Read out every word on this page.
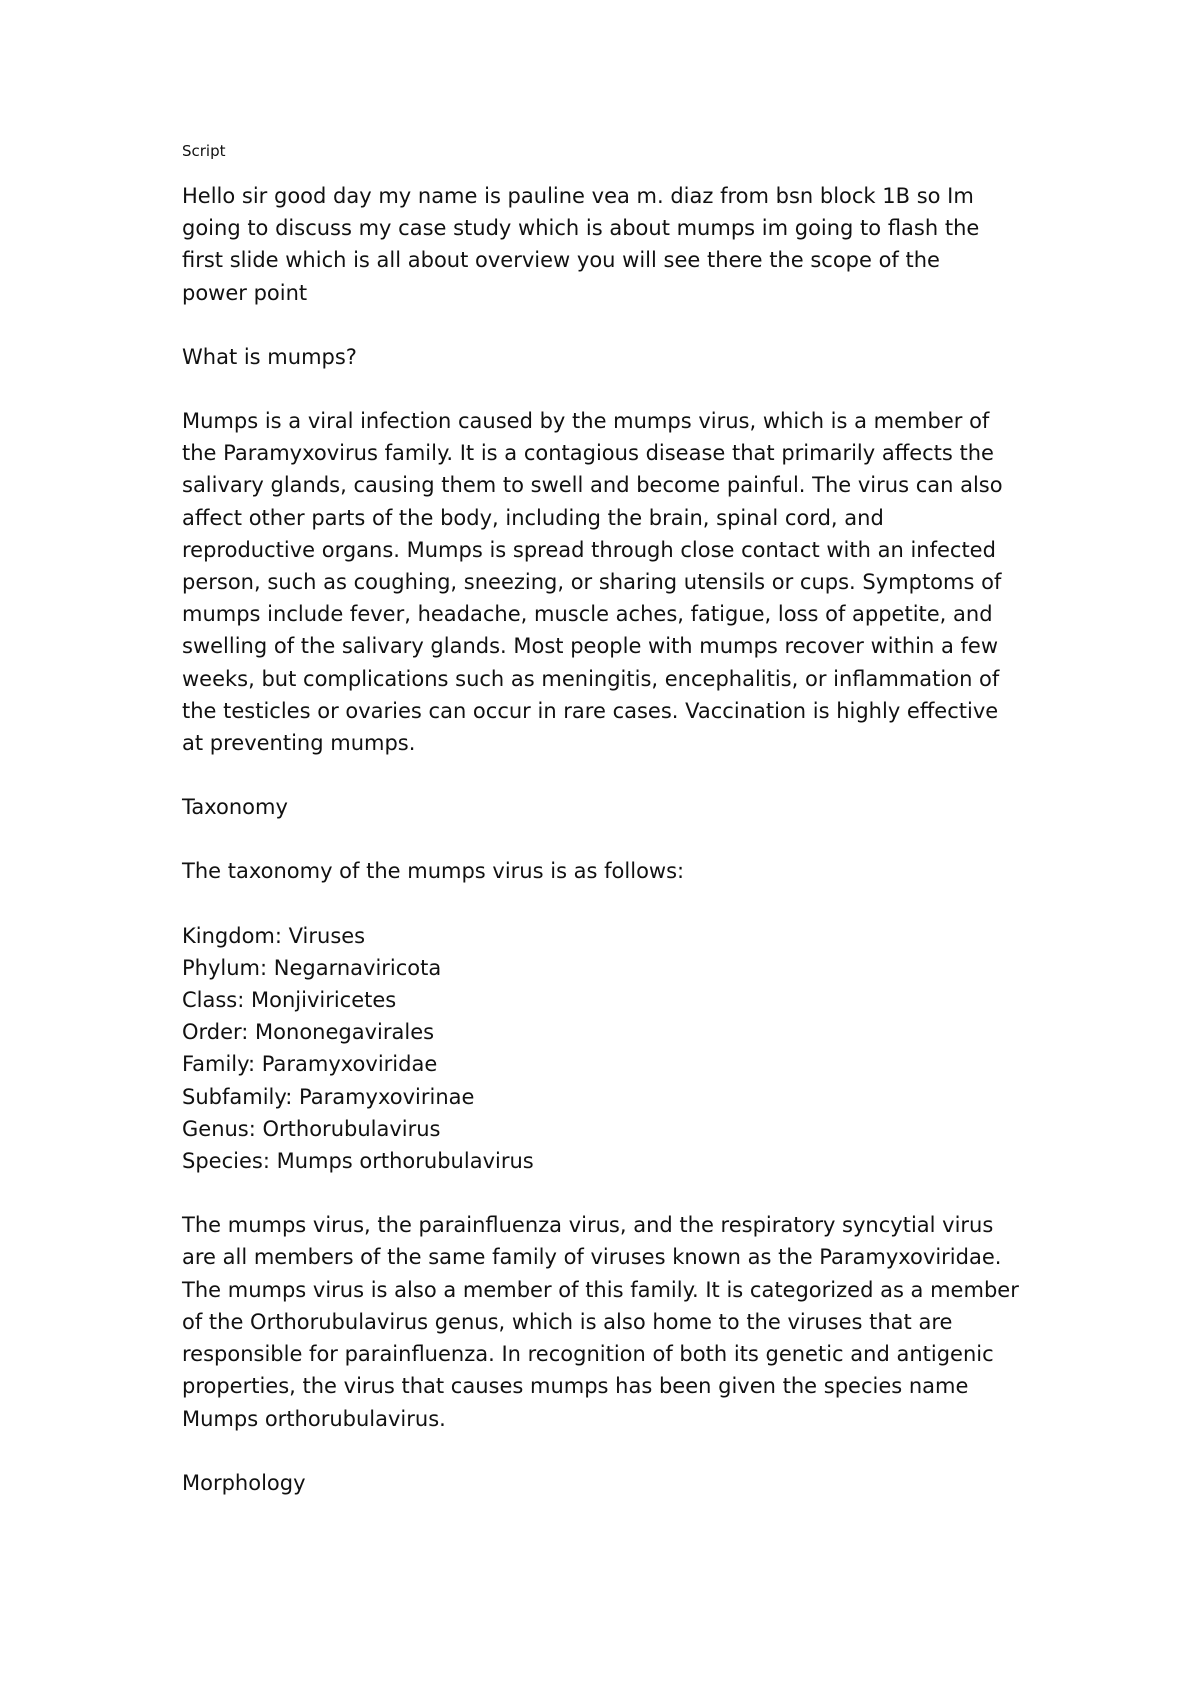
Script

Hello sir good day my name is pauline vea m. diaz from bsn block 1B so Im

going to discuss my case study which is about mumps im going to flash the

first slide which is all about overview you will see there the scope of the

power point

What is mumps?

Mumps is a viral infection caused by the mumps virus, which is a member of

the Paramyxovirus family. It is a contagious disease that primarily affects the

salivary glands, causing them to swell and become painful. The virus can also

affect other parts of the body, including the brain, spinal cord, and

reproductive organs. Mumps is spread through close contact with an infected

person, such as coughing, sneezing, or sharing utensils or cups. Symptoms of

mumps include fever, headache, muscle aches, fatigue, loss of appetite, and

swelling of the salivary glands. Most people with mumps recover within a few

weeks, but complications such as meningitis, encephalitis, or inflammation of

the testicles or ovaries can occur in rare cases. Vaccination is highly effective

at preventing mumps.

Taxonomy

The taxonomy of the mumps virus is as follows:

Kingdom: Viruses

Phylum: Negarnaviricota

Class: Monjiviricetes

Order: Mononegavirales

Family: Paramyxoviridae

Subfamily: Paramyxovirinae

Genus: Orthorubulavirus

Species: Mumps orthorubulavirus

The mumps virus, the parainfluenza virus, and the respiratory syncytial virus

are all members of the same family of viruses known as the Paramyxoviridae.

The mumps virus is also a member of this family. It is categorized as a member

of the Orthorubulavirus genus, which is also home to the viruses that are

responsible for parainfluenza. In recognition of both its genetic and antigenic

properties, the virus that causes mumps has been given the species name

Mumps orthorubulavirus.

Morphology
